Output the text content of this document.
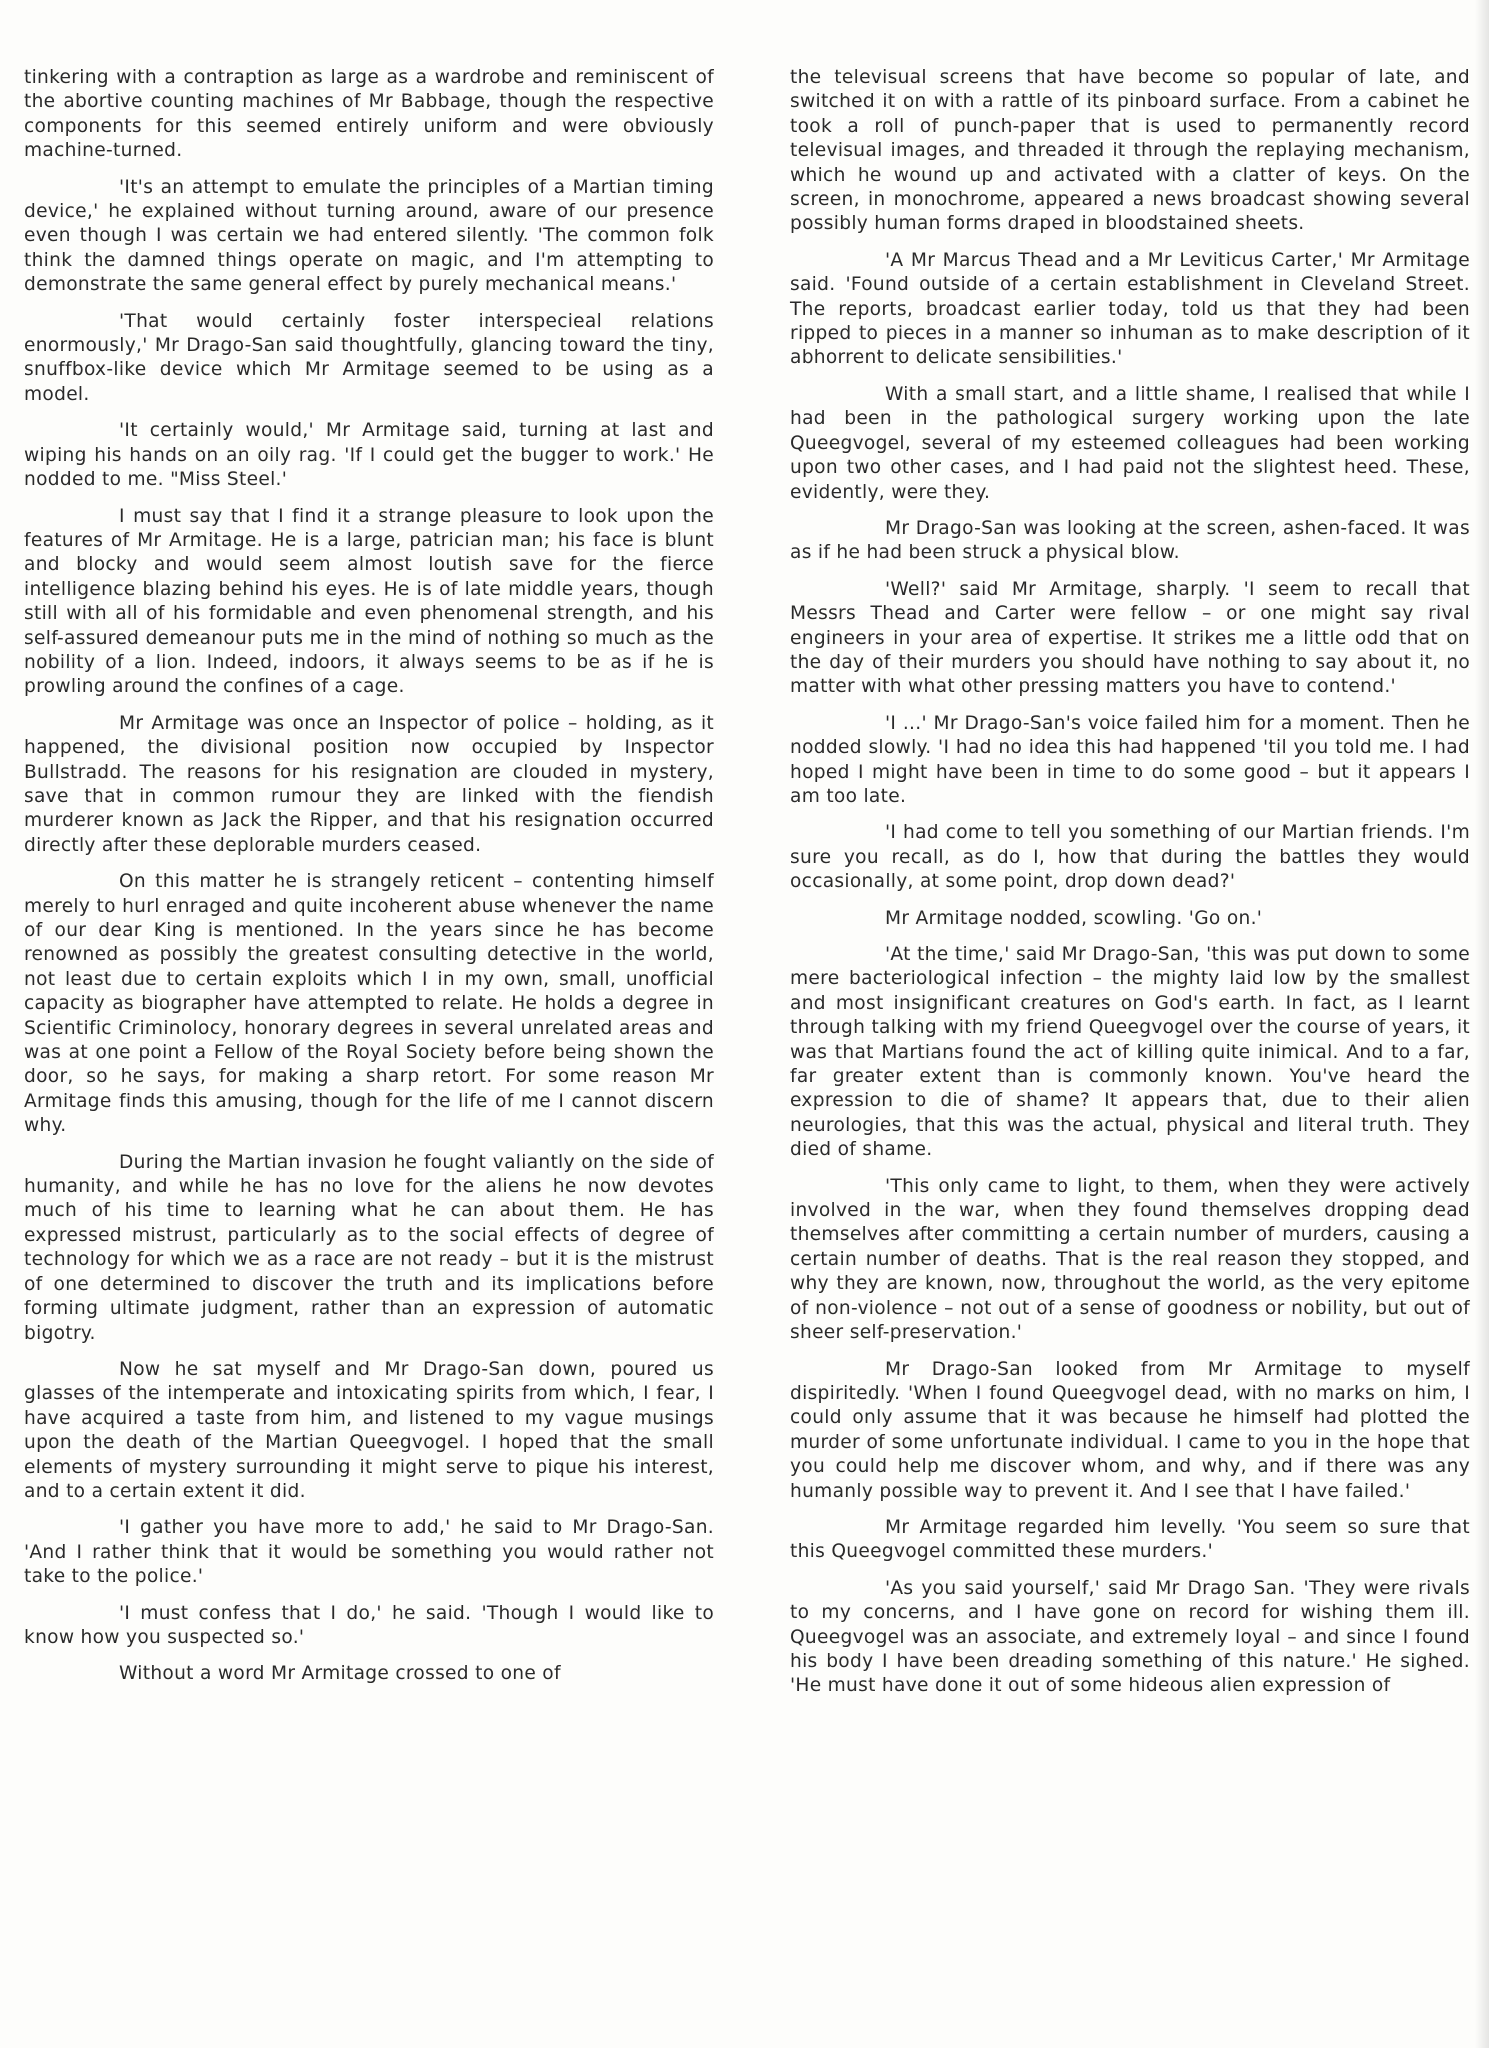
tinkering with a contraption as large as a wardrobe and reminiscent of the abortive counting machines of Mr Babbage, though the respective components for this seemed entirely uniform and were obviously machine-turned.

'It's an attempt to emulate the principles of a Martian timing device,' he explained without turning around, aware of our presence even though I was certain we had entered silently. 'The common folk think the damned things operate on magic, and I'm attempting to demonstrate the same general effect by purely mechanical means.'

'That would certainly foster interspecieal relations enormously,' Mr Drago-San said thoughtfully, glancing toward the tiny, snuffbox-like device which Mr Armitage seemed to be using as a model.

'It certainly would,' Mr Armitage said, turning at last and wiping his hands on an oily rag. 'If I could get the bugger to work.' He nodded to me. "Miss Steel.'

I must say that I find it a strange pleasure to look upon the features of Mr Armitage. He is a large, patrician man; his face is blunt and blocky and would seem almost loutish save for the fierce intelligence blazing behind his eyes. He is of late middle years, though still with all of his formidable and even phenomenal strength, and his self-assured demeanour puts me in the mind of nothing so much as the nobility of a lion. Indeed, indoors, it always seems to be as if he is prowling around the confines of a cage.

Mr Armitage was once an Inspector of police – holding, as it happened, the divisional position now occupied by Inspector Bullstradd. The reasons for his resignation are clouded in mystery, save that in common rumour they are linked with the fiendish murderer known as Jack the Ripper, and that his resignation occurred directly after these deplorable murders ceased.

On this matter he is strangely reticent – contenting himself merely to hurl enraged and quite incoherent abuse whenever the name of our dear King is mentioned. In the years since he has become renowned as possibly the greatest consulting detective in the world, not least due to certain exploits which I in my own, small, unofficial capacity as biographer have attempted to relate. He holds a degree in Scientific Criminolocy, honorary degrees in several unrelated areas and was at one point a Fellow of the Royal Society before being shown the door, so he says, for making a sharp retort. For some reason Mr Armitage finds this amusing, though for the life of me I cannot discern why.

During the Martian invasion he fought valiantly on the side of humanity, and while he has no love for the aliens he now devotes much of his time to learning what he can about them. He has expressed mistrust, particularly as to the social effects of degree of technology for which we as a race are not ready – but it is the mistrust of one determined to discover the truth and its implications before forming ultimate judgment, rather than an expression of automatic bigotry.

Now he sat myself and Mr Drago-San down, poured us glasses of the intemperate and intoxicating spirits from which, I fear, I have acquired a taste from him, and listened to my vague musings upon the death of the Martian Queegvogel. I hoped that the small elements of mystery surrounding it might serve to pique his interest, and to a certain extent it did.

'I gather you have more to add,' he said to Mr Drago-San. 'And I rather think that it would be something you would rather not take to the police.'

'I must confess that I do,' he said. 'Though I would like to know how you suspected so.'

Without a word Mr Armitage crossed to one of

the televisual screens that have become so popular of late, and switched it on with a rattle of its pinboard surface. From a cabinet he took a roll of punch-paper that is used to permanently record televisual images, and threaded it through the replaying mechanism, which he wound up and activated with a clatter of keys. On the screen, in monochrome, appeared a news broadcast showing several possibly human forms draped in bloodstained sheets.

'A Mr Marcus Thead and a Mr Leviticus Carter,' Mr Armitage said. 'Found outside of a certain establishment in Cleveland Street. The reports, broadcast earlier today, told us that they had been ripped to pieces in a manner so inhuman as to make description of it abhorrent to delicate sensibilities.'

With a small start, and a little shame, I realised that while I had been in the pathological surgery working upon the late Queegvogel, several of my esteemed colleagues had been working upon two other cases, and I had paid not the slightest heed. These, evidently, were they.

Mr Drago-San was looking at the screen, ashen-faced. It was as if he had been struck a physical blow.

'Well?' said Mr Armitage, sharply. 'I seem to recall that Messrs Thead and Carter were fellow – or one might say rival engineers in your area of expertise. It strikes me a little odd that on the day of their murders you should have nothing to say about it, no matter with what other pressing matters you have to contend.'

'I ...' Mr Drago-San's voice failed him for a moment. Then he nodded slowly. 'I had no idea this had happened 'til you told me. I had hoped I might have been in time to do some good – but it appears I am too late.

'I had come to tell you something of our Martian friends. I'm sure you recall, as do I, how that during the battles they would occasionally, at some point, drop down dead?'

Mr Armitage nodded, scowling. 'Go on.'

'At the time,' said Mr Drago-San, 'this was put down to some mere bacteriological infection – the mighty laid low by the smallest and most insignificant creatures on God's earth. In fact, as I learnt through talking with my friend Queegvogel over the course of years, it was that Martians found the act of killing quite inimical. And to a far, far greater extent than is commonly known. You've heard the expression to die of shame? It appears that, due to their alien neurologies, that this was the actual, physical and literal truth. They died of shame.

'This only came to light, to them, when they were actively involved in the war, when they found themselves dropping dead themselves after committing a certain number of murders, causing a certain number of deaths. That is the real reason they stopped, and why they are known, now, throughout the world, as the very epitome of non-violence – not out of a sense of goodness or nobility, but out of sheer self-preservation.'

Mr Drago-San looked from Mr Armitage to myself dispiritedly. 'When I found Queegvogel dead, with no marks on him, I could only assume that it was because he himself had plotted the murder of some unfortunate individual. I came to you in the hope that you could help me discover whom, and why, and if there was any humanly possible way to prevent it. And I see that I have failed.'

Mr Armitage regarded him levelly. 'You seem so sure that this Queegvogel committed these murders.'

'As you said yourself,' said Mr Drago San. 'They were rivals to my concerns, and I have gone on record for wishing them ill. Queegvogel was an associate, and extremely loyal – and since I found his body I have been dreading something of this nature.' He sighed. 'He must have done it out of some hideous alien expression of
